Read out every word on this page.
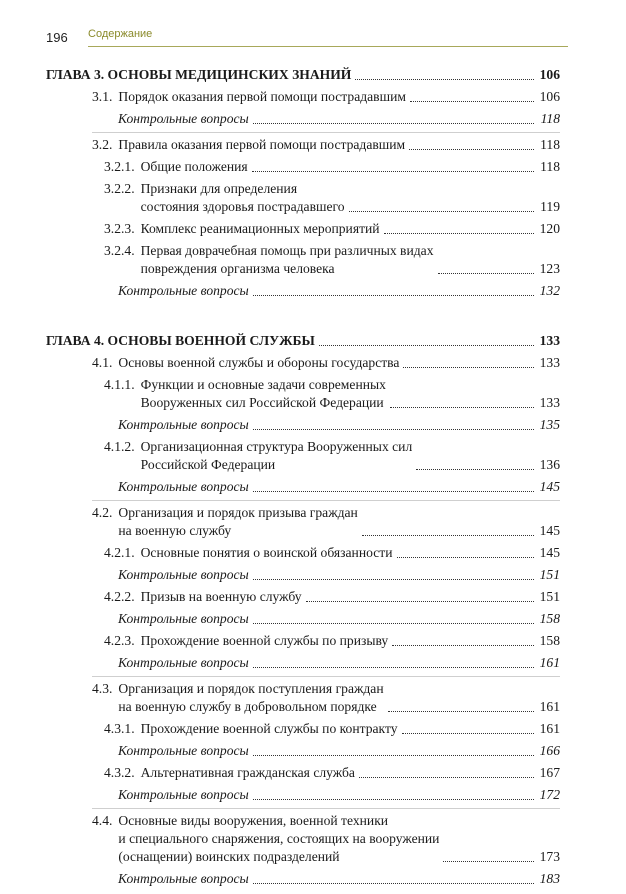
196 Содержание
ГЛАВА 3. ОСНОВЫ МЕДИЦИНСКИХ ЗНАНИЙ	106
3.1. Порядок оказания первой помощи пострадавшим	106
Контрольные вопросы	118
3.2. Правила оказания первой помощи пострадавшим	118
3.2.1. Общие положения	118
3.2.2. Признаки для определения
состояния здоровья пострадавшего	119
3.2.3. Комплекс реанимационных мероприятий	120
3.2.4. Первая доврачебная помощь при различных видах
повреждения организма человека	123
Контрольные вопросы	132
ГЛАВА 4. ОСНОВЫ ВОЕННОЙ СЛУЖБЫ	133
4.1. Основы военной службы и обороны государства	133
4.1.1. Функции и основные задачи современных
Вооруженных сил Российской Федерации	133
Контрольные вопросы	135
4.1.2. Организационная структура Вооруженных сил
Российской Федерации	136
Контрольные вопросы	145
4.2. Организация и порядок призыва граждан
на военную службу	145
4.2.1. Основные понятия о воинской обязанности	145
Контрольные вопросы	151
4.2.2. Призыв на военную службу	151
Контрольные вопросы	158
4.2.3. Прохождение военной службы по призыву	158
Контрольные вопросы	161
4.3. Организация и порядок поступления граждан
на военную службу в добровольном порядке	161
4.3.1. Прохождение военной службы по контракту	161
Контрольные вопросы	166
4.3.2. Альтернативная гражданская служба	167
Контрольные вопросы	172
4.4. Основные виды вооружения, военной техники
и специального снаряжения, состоящих на вооружении
(оснащении) воинских подразделений	173
Контрольные вопросы	183
